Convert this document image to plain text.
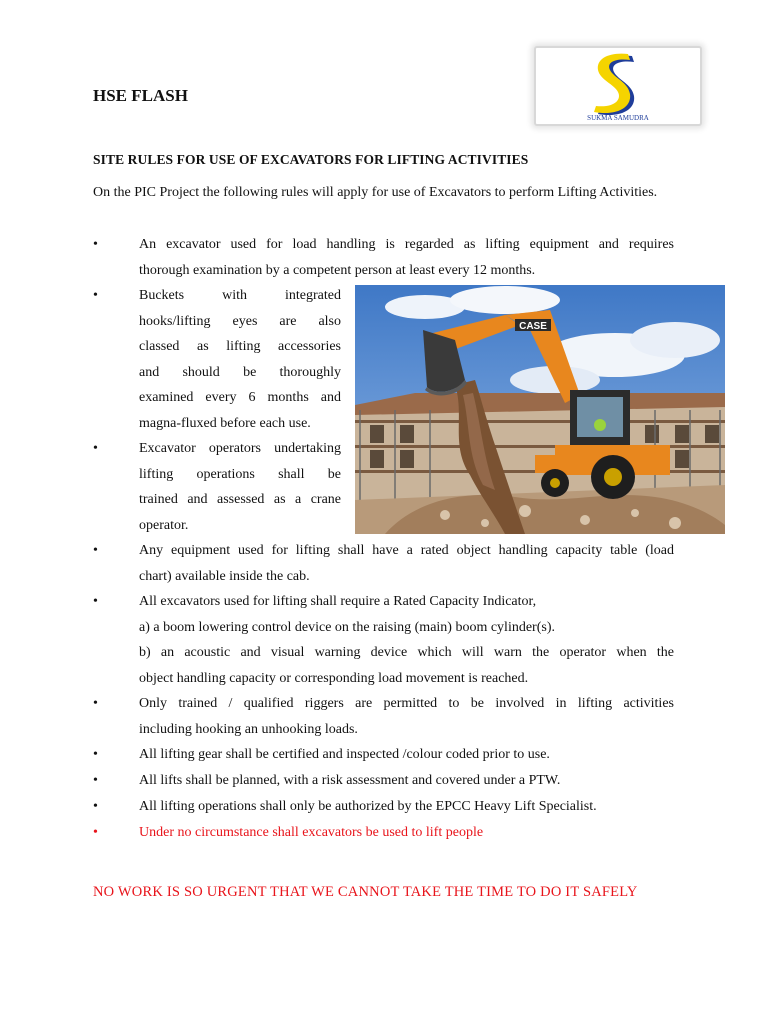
HSE FLASH
SUKMA SAMUDRA
SITE RULES FOR USE OF EXCAVATORS FOR LIFTING ACTIVITIES
On the PIC Project the following rules will apply for use of Excavators to perform Lifting Activities.
CASE
•	An excavator used for load handling is regarded as lifting equipment and requires
thorough examination by a competent person at least every 12 months.
•	Buckets with integrated
hooks/lifting eyes are also
classed as lifting accessories
and should be thoroughly
examined every 6 months and
magna-fluxed before each use.
•	Excavator operators undertaking
lifting operations shall be
trained and assessed as a crane
operator.
•	Any equipment used for lifting shall have a rated object handling capacity table (load
chart) available inside the cab.
•	All excavators used for lifting shall require a Rated Capacity Indicator,
a) a boom lowering control device on the raising (main) boom cylinder(s).
b) an acoustic and visual warning device which will warn the operator when the
object handling capacity or corresponding load movement is reached.
•	Only trained / qualified riggers are permitted to be involved in lifting activities
including hooking an unhooking loads.
•	All lifting gear shall be certified and inspected /colour coded prior to use.
•	All lifts shall be planned, with a risk assessment and covered under a PTW.
•	All lifting operations shall only be authorized by the EPCC Heavy Lift Specialist.
•	Under no circumstance shall excavators be used to lift people
NO WORK IS SO URGENT THAT WE CANNOT TAKE THE TIME TO DO IT SAFELY
